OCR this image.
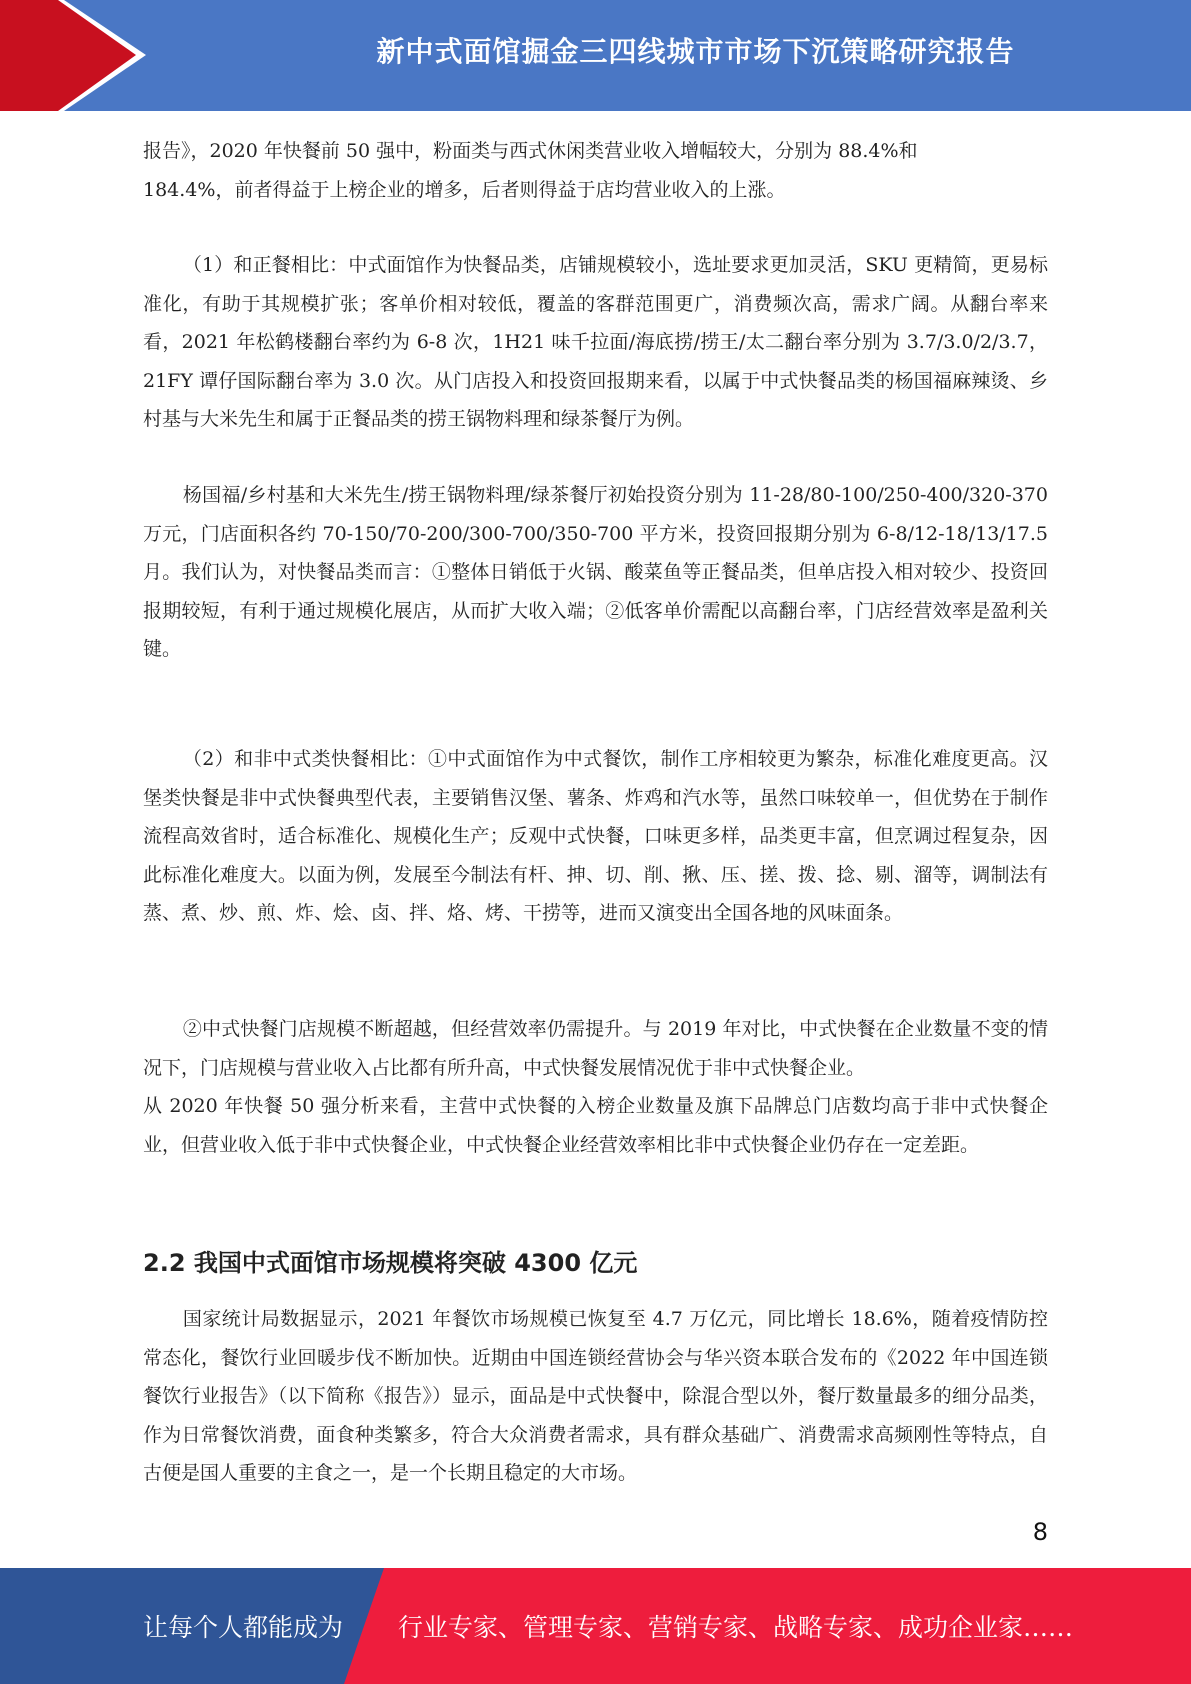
新中式面馆掘金三四线城市市场下沉策略研究报告

报告》，2020 年快餐前 50 强中，粉面类与西式休闲类营业收入增幅较大，分别为 88.4%和
184.4%，前者得益于上榜企业的增多，后者则得益于店均营业收入的上涨。

（1）和正餐相比：中式面馆作为快餐品类，店铺规模较小，选址要求更加灵活，SKU 更精简，更易标准化，有助于其规模扩张；客单价相对较低，覆盖的客群范围更广，消费频次高，需求广阔。从翻台率来看，2021 年松鹤楼翻台率约为 6-8 次，1H21 味千拉面/海底捞/捞王/太二翻台率分别为 3.7/3.0/2/3.7，21FY 谭仔国际翻台率为 3.0 次。从门店投入和投资回报期来看，以属于中式快餐品类的杨国福麻辣烫、乡村基与大米先生和属于正餐品类的捞王锅物料理和绿茶餐厅为例。

杨国福/乡村基和大米先生/捞王锅物料理/绿茶餐厅初始投资分别为 11-28/80-100/250-400/320-370 万元，门店面积各约 70-150/70-200/300-700/350-700 平方米，投资回报期分别为 6-8/12-18/13/17.5 月。我们认为，对快餐品类而言：①整体日销低于火锅、酸菜鱼等正餐品类，但单店投入相对较少、投资回报期较短，有利于通过规模化展店，从而扩大收入端；②低客单价需配以高翻台率，门店经营效率是盈利关键。

（2）和非中式类快餐相比：①中式面馆作为中式餐饮，制作工序相较更为繁杂，标准化难度更高。汉堡类快餐是非中式快餐典型代表，主要销售汉堡、薯条、炸鸡和汽水等，虽然口味较单一，但优势在于制作流程高效省时，适合标准化、规模化生产；反观中式快餐，口味更多样，品类更丰富，但烹调过程复杂，因此标准化难度大。以面为例，发展至今制法有杆、抻、切、削、揪、压、搓、拨、捻、剔、溜等，调制法有蒸、煮、炒、煎、炸、烩、卤、拌、烙、烤、干捞等，进而又演变出全国各地的风味面条。

②中式快餐门店规模不断超越，但经营效率仍需提升。与 2019 年对比，中式快餐在企业数量不变的情况下，门店规模与营业收入占比都有所升高，中式快餐发展情况优于非中式快餐企业。
从 2020 年快餐 50 强分析来看，主营中式快餐的入榜企业数量及旗下品牌总门店数均高于非中式快餐企业，但营业收入低于非中式快餐企业，中式快餐企业经营效率相比非中式快餐企业仍存在一定差距。

2.2 我国中式面馆市场规模将突破 4300 亿元

国家统计局数据显示，2021 年餐饮市场规模已恢复至 4.7 万亿元，同比增长 18.6%，随着疫情防控常态化，餐饮行业回暖步伐不断加快。近期由中国连锁经营协会与华兴资本联合发布的《2022 年中国连锁餐饮行业报告》（以下简称《报告》）显示，面品是中式快餐中，除混合型以外，餐厅数量最多的细分品类，作为日常餐饮消费，面食种类繁多，符合大众消费者需求，具有群众基础广、消费需求高频刚性等特点，自古便是国人重要的主食之一，是一个长期且稳定的大市场。

8
让每个人都能成为 行业专家、管理专家、营销专家、战略专家、成功企业家……
